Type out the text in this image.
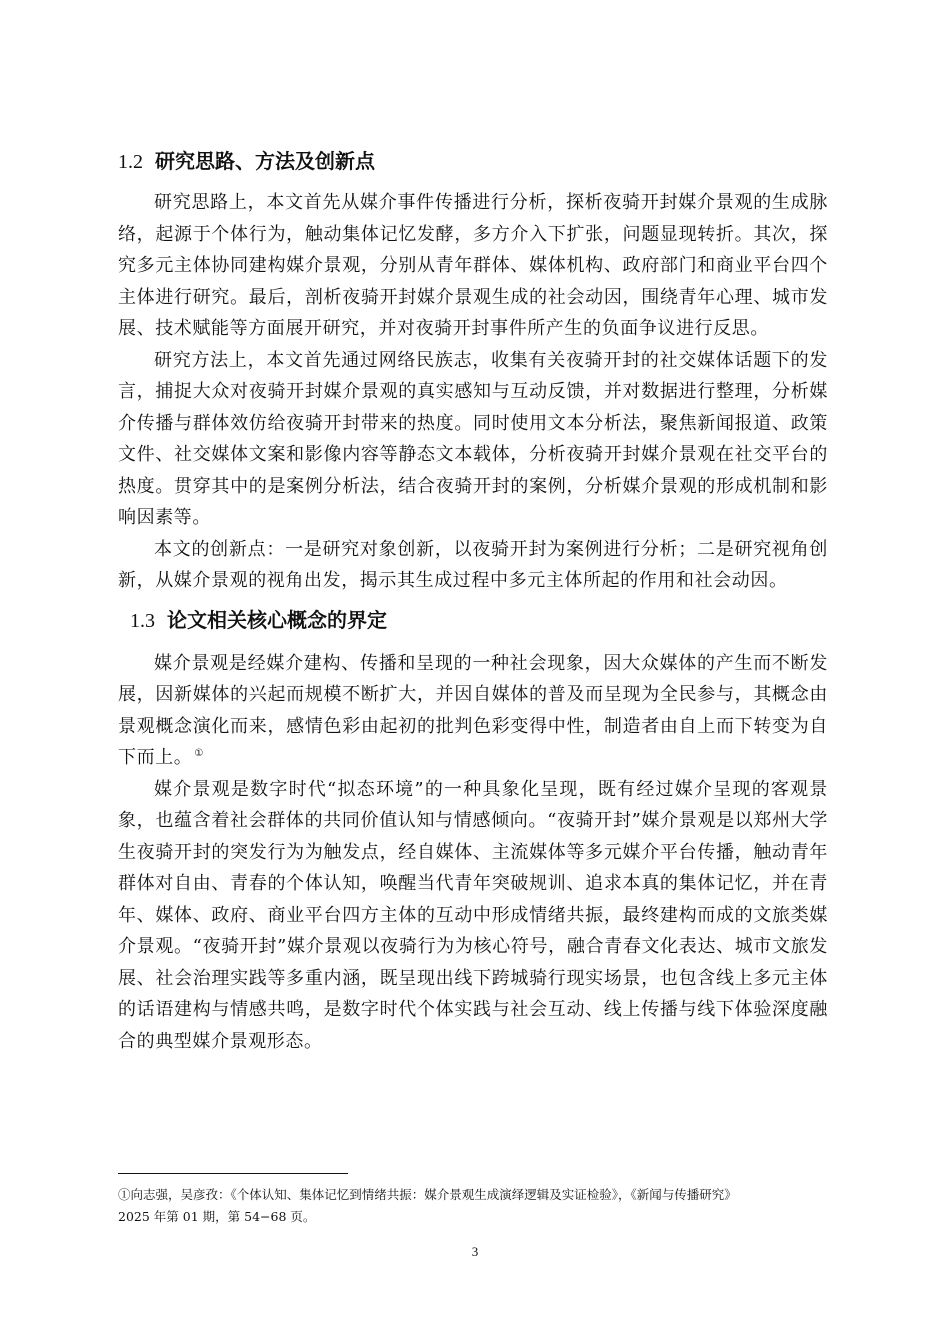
1.2 研究思路、方法及创新点

研究思路上，本文首先从媒介事件传播进行分析，探析夜骑开封媒介景观的生成脉络，起源于个体行为，触动集体记忆发酵，多方介入下扩张，问题显现转折。其次，探究多元主体协同建构媒介景观，分别从青年群体、媒体机构、政府部门和商业平台四个主体进行研究。最后，剖析夜骑开封媒介景观生成的社会动因，围绕青年心理、城市发展、技术赋能等方面展开研究，并对夜骑开封事件所产生的负面争议进行反思。

研究方法上，本文首先通过网络民族志，收集有关夜骑开封的社交媒体话题下的发言，捕捉大众对夜骑开封媒介景观的真实感知与互动反馈，并对数据进行整理，分析媒介传播与群体效仿给夜骑开封带来的热度。同时使用文本分析法，聚焦新闻报道、政策文件、社交媒体文案和影像内容等静态文本载体，分析夜骑开封媒介景观在社交平台的热度。贯穿其中的是案例分析法，结合夜骑开封的案例，分析媒介景观的形成机制和影响因素等。

本文的创新点：一是研究对象创新，以夜骑开封为案例进行分析；二是研究视角创新，从媒介景观的视角出发，揭示其生成过程中多元主体所起的作用和社会动因。

1.3 论文相关核心概念的界定

媒介景观是经媒介建构、传播和呈现的一种社会现象，因大众媒体的产生而不断发展，因新媒体的兴起而规模不断扩大，并因自媒体的普及而呈现为全民参与，其概念由景观概念演化而来，感情色彩由起初的批判色彩变得中性，制造者由自上而下转变为自下而上。 ①

媒介景观是数字时代“拟态环境”的一种具象化呈现，既有经过媒介呈现的客观景象，也蕴含着社会群体的共同价值认知与情感倾向。“夜骑开封”媒介景观是以郑州大学生夜骑开封的突发行为为触发点，经自媒体、主流媒体等多元媒介平台传播，触动青年群体对自由、青春的个体认知，唤醒当代青年突破规训、追求本真的集体记忆，并在青年、媒体、政府、商业平台四方主体的互动中形成情绪共振，最终建构而成的文旅类媒介景观。“夜骑开封”媒介景观以夜骑行为为核心符号，融合青春文化表达、城市文旅发展、社会治理实践等多重内涵，既呈现出线下跨城骑行现实场景，也包含线上多元主体的话语建构与情感共鸣，是数字时代个体实践与社会互动、线上传播与线下体验深度融合的典型媒介景观形态。

①向志强，吴彦孜：《个体认知、集体记忆到情绪共振：媒介景观生成演绎逻辑及实证检验》，《新闻与传播研究》
2025 年第 01 期，第 54−68 页。
3
